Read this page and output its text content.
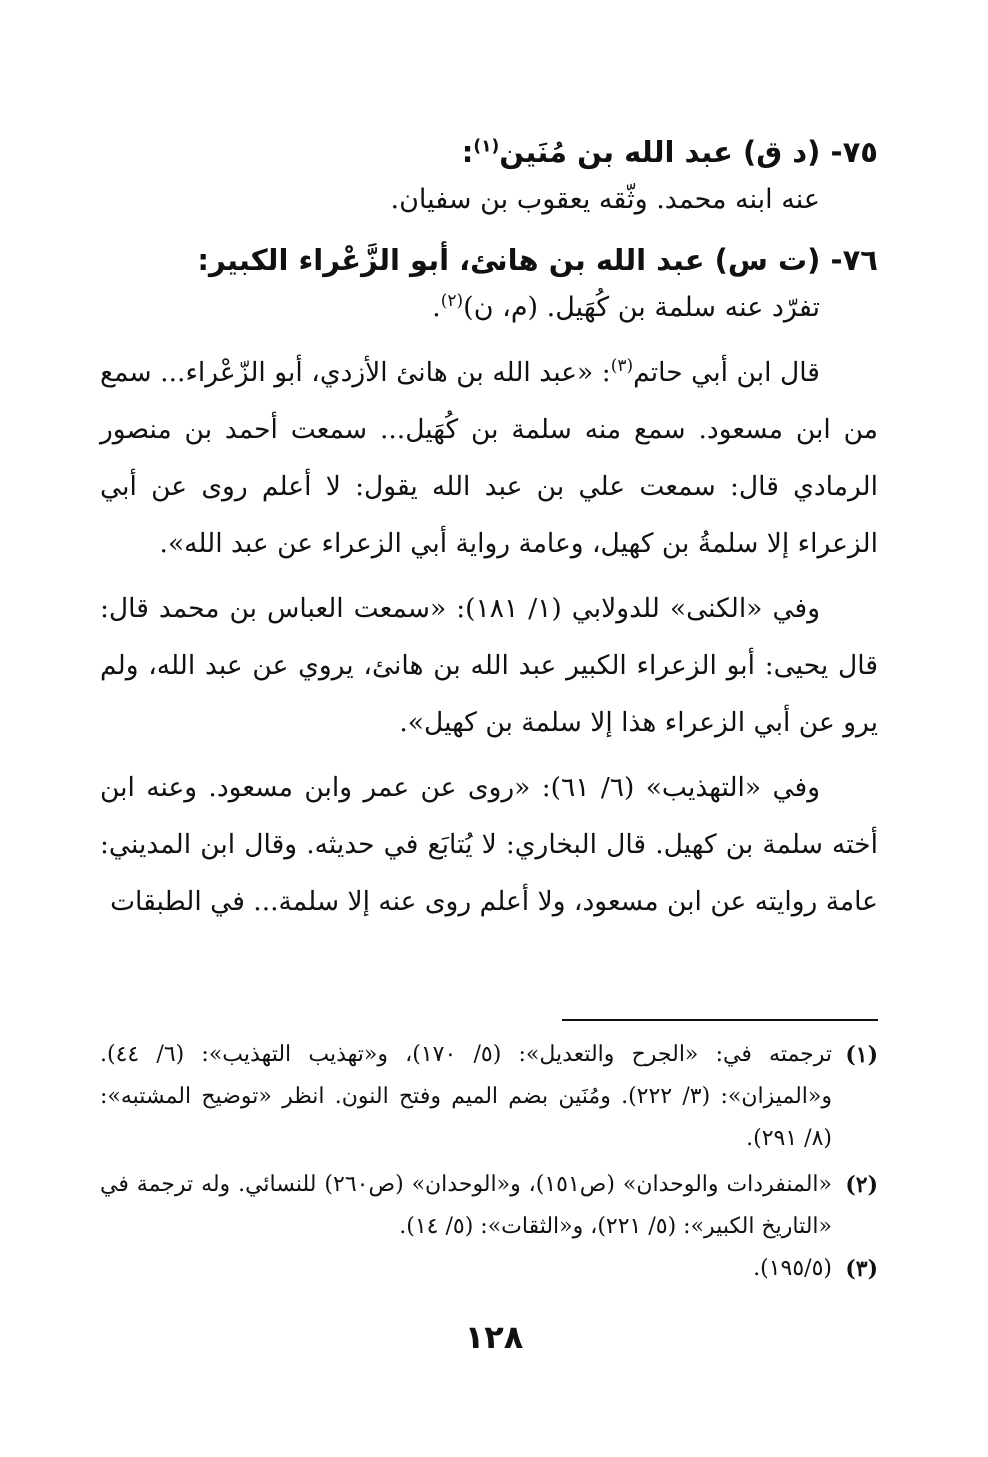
٧٥- (د ق) عبد الله بن مُنَين$^{(١)}$:

عنه ابنه محمد. وثّقه يعقوب بن سفيان.

٧٦- (ت س) عبد الله بن هانئ، أبو الزَّعْراء الكبير:

تفرّد عنه سلمة بن كُهَيل. (م، ن)$^{(٢)}$.

قال ابن أبي حاتم$^{(٣)}$: «عبد الله بن هانئ الأزدي، أبو الزّعْراء... سمع من ابن مسعود. سمع منه سلمة بن كُهَيل... سمعت أحمد بن منصور الرمادي قال: سمعت علي بن عبد الله يقول: لا أعلم روى عن أبي الزعراء إلا سلمةُ بن كهيل، وعامة رواية أبي الزعراء عن عبد الله».

وفي «الكنى» للدولابي (١/ ١٨١): «سمعت العباس بن محمد قال: قال يحيى: أبو الزعراء الكبير عبد الله بن هانئ، يروي عن عبد الله، ولم يرو عن أبي الزعراء هذا إلا سلمة بن كهيل».

وفي «التهذيب» (٦/ ٦١): «روى عن عمر وابن مسعود. وعنه ابن أخته سلمة بن كهيل. قال البخاري: لا يُتابَع في حديثه. وقال ابن المديني: عامة روايته عن ابن مسعود، ولا أعلم روى عنه إلا سلمة... في الطبقات

(١)
ترجمته في: «الجرح والتعديل»: (٥/ ١٧٠)، و«تهذيب التهذيب»: (٦/ ٤٤). و«الميزان»: (٣/ ٢٢٢). ومُنَين بضم الميم وفتح النون. انظر «توضيح المشتبه»: (٨/ ٢٩١).

(٢)
«المنفردات والوحدان» (ص١٥١)، و«الوحدان» (ص٢٦٠) للنسائي. وله ترجمة في «التاريخ الكبير»: (٥/ ٢٢١)، و«الثقات»: (٥/ ١٤).

(٣)
(١٩٥/٥).

١٢٨
